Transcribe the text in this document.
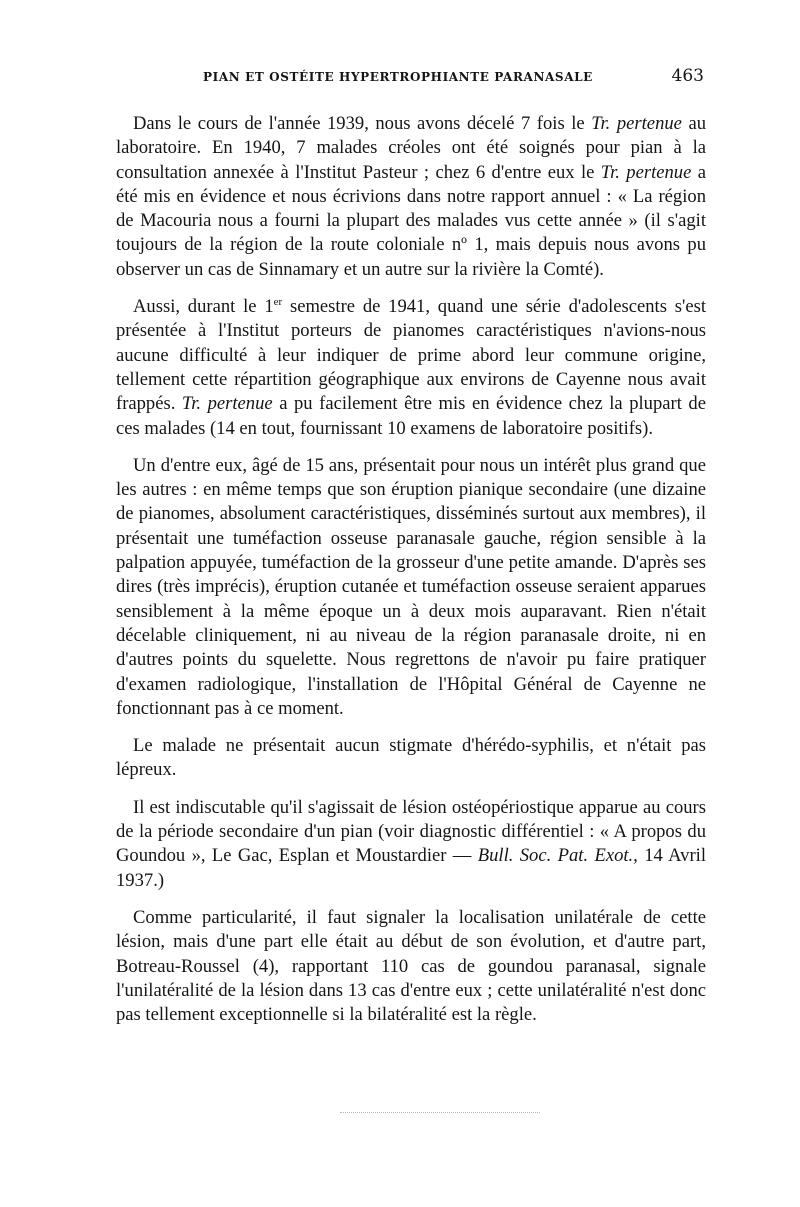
PIAN ET OSTÉITE HYPERTROPHIANTE PARANASALE	463

Dans le cours de l'année 1939, nous avons décelé 7 fois le Tr. pertenue au laboratoire. En 1940, 7 malades créoles ont été soignés pour pian à la consultation annexée à l'Institut Pasteur ; chez 6 d'entre eux le Tr. pertenue a été mis en évidence et nous écrivions dans notre rapport annuel : « La région de Macouria nous a fourni la plupart des malades vus cette année » (il s'agit toujours de la région de la route coloniale nº 1, mais depuis nous avons pu observer un cas de Sinnamary et un autre sur la rivière la Comté).

Aussi, durant le 1er semestre de 1941, quand une série d'adolescents s'est présentée à l'Institut porteurs de pianomes caractéristiques n'avions-nous aucune difficulté à leur indiquer de prime abord leur commune origine, tellement cette répartition géographique aux environs de Cayenne nous avait frappés. Tr. pertenue a pu facilement être mis en évidence chez la plupart de ces malades (14 en tout, fournissant 10 examens de laboratoire positifs).

Un d'entre eux, âgé de 15 ans, présentait pour nous un intérêt plus grand que les autres : en même temps que son éruption pianique secondaire (une dizaine de pianomes, absolument caractéristiques, disséminés surtout aux membres), il présentait une tuméfaction osseuse paranasale gauche, région sensible à la palpation appuyée, tuméfaction de la grosseur d'une petite amande. D'après ses dires (très imprécis), éruption cutanée et tuméfaction osseuse seraient apparues sensiblement à la même époque un à deux mois auparavant. Rien n'était décelable cliniquement, ni au niveau de la région paranasale droite, ni en d'autres points du squelette. Nous regrettons de n'avoir pu faire pratiquer d'examen radiologique, l'installation de l'Hôpital Général de Cayenne ne fonctionnant pas à ce moment.

Le malade ne présentait aucun stigmate d'hérédo-syphilis, et n'était pas lépreux.

Il est indiscutable qu'il s'agissait de lésion ostéopériostique apparue au cours de la période secondaire d'un pian (voir diagnostic différentiel : « A propos du Goundou », Le Gac, Esplan et Moustardier — Bull. Soc. Pat. Exot., 14 Avril 1937.)

Comme particularité, il faut signaler la localisation unilatérale de cette lésion, mais d'une part elle était au début de son évolution, et d'autre part, Botreau-Roussel (4), rapportant 110 cas de goundou paranasal, signale l'unilatéralité de la lésion dans 13 cas d'entre eux ; cette unilatéralité n'est donc pas tellement exceptionnelle si la bilatéralité est la règle.
